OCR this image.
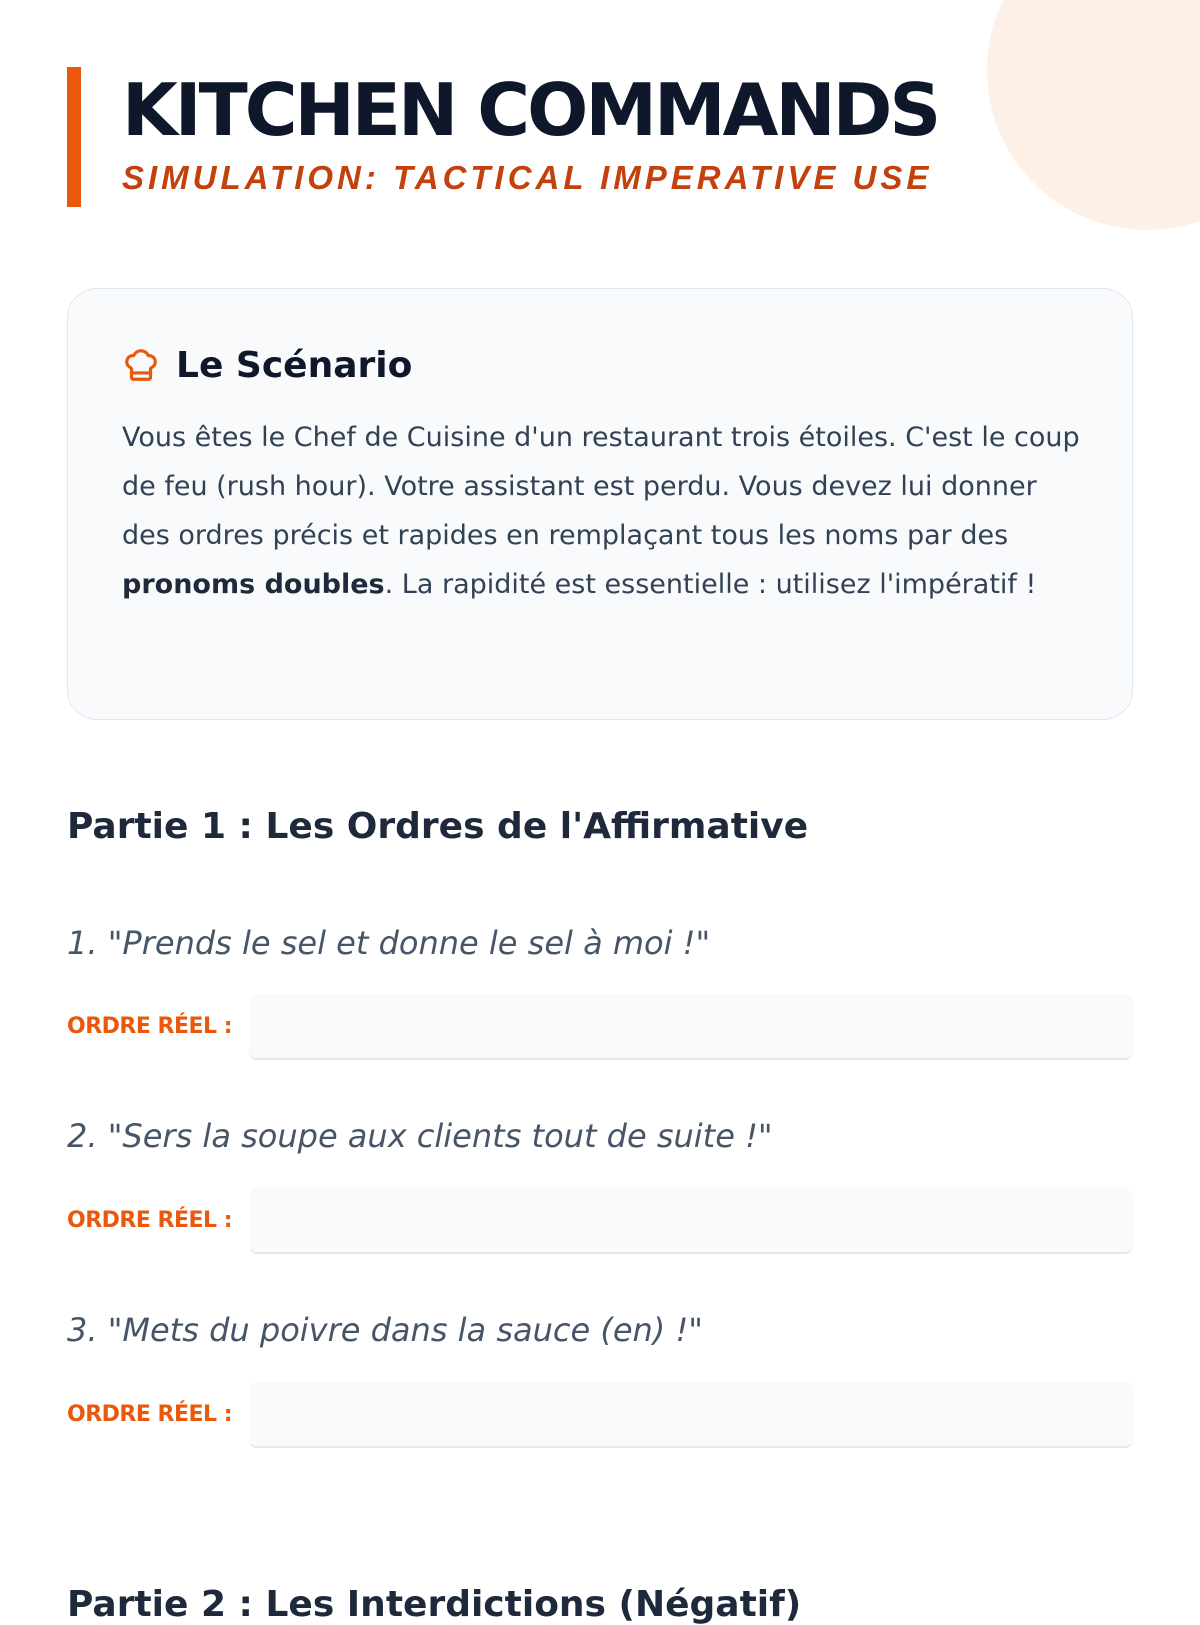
KITCHEN COMMANDS
SIMULATION: TACTICAL IMPERATIVE USE
Le Scénario

Vous êtes le Chef de Cuisine d'un restaurant trois étoiles. C'est le coup de feu (rush hour). Votre assistant est perdu. Vous devez lui donner des ordres précis et rapides en remplaçant tous les noms par des pronoms doubles. La rapidité est essentielle : utilisez l'impératif !

Partie 1 : Les Ordres de l'Affirmative

1. "Prends le sel et donne le sel à moi !"

ORDRE RÉEL :

2. "Sers la soupe aux clients tout de suite !"

ORDRE RÉEL :

3. "Mets du poivre dans la sauce (en) !"

ORDRE RÉEL :
Partie 2 : Les Interdictions (Négatif)
